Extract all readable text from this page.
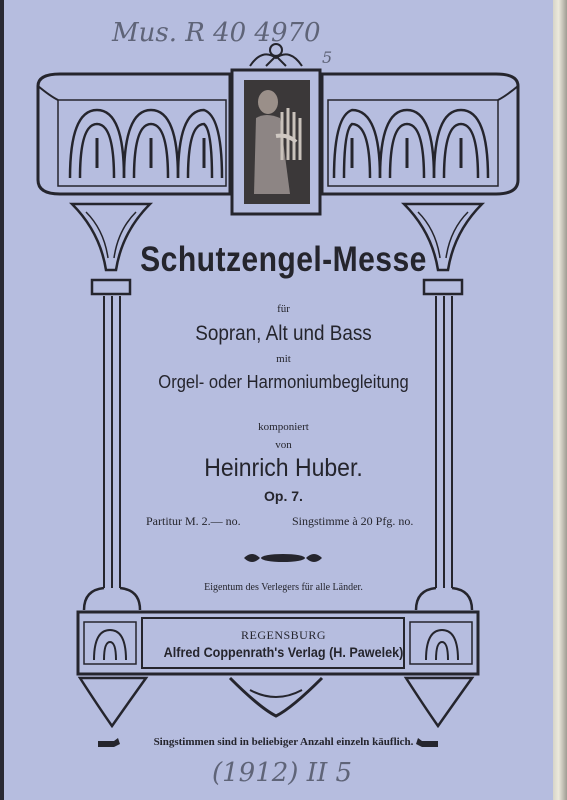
Mus. R 40 4970
5
Schutzengel-Messe
für
Sopran, Alt und Bass
mit
Orgel- oder Harmoniumbegleitung
komponiert
von
Heinrich Huber.
Op. 7.
Partitur M. 2.— no.	Singstimme à 20 Pfg. no.
Eigentum des Verlegers für alle Länder.
REGENSBURG
Alfred Coppenrath's Verlag (H. Pawelek)
Singstimmen sind in beliebiger Anzahl einzeln käuflich.
(1912) II 5
